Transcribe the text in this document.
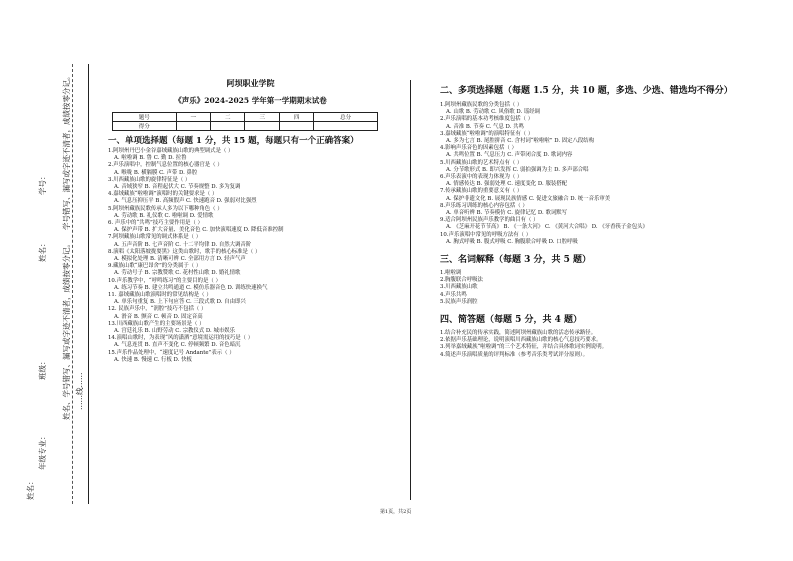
学号：
姓名：
班级：
年级专业：
学号错写、漏写或字迹不清者，成绩按零分记。
姓名、学号错写、漏写或字迹不清者，成绩按零分记。 ……线……
姓名：
阿坝职业学院
《声乐》2024-2025 学年第一学期期末试卷
题号	一	二	三	四	总分
得分					
一、单项选择题（每题 1 分，共 15 题，每题只有一个正确答案）
1.阿坝州丹巴小金谷嘉绒藏族山歌的典型调式是（ ）
A. 啦啦调 B. 鲁 C. 勤 D. 拉鲁
2.声乐演唱中，控制气息位置的核心器官是（ ）
A. 喉咙 B. 横膈膜 C. 声带 D. 鼻腔
3.川西藏族山歌的旋律特征是（ ）
A. 音域狭窄 B. 音程起伏大 C. 节奏规整 D. 多为复调
4.嘉绒藏族“啦啦调”演唱时的关键要求是（ ）
A. 气息压抑压平 B. 高频假声 C. 快速跑音 D. 强弱对比强烈
5.阿坝州藏族民歌传承人多为以下哪种角色（ ）
A. 劳动歌 B. 礼仪歌 C. 啦啦调 D. 爱情歌
6. 声乐中的“共鸣”技巧主要作用是（ ）
A. 保护声带 B. 扩大音量、美化音色 C. 加快演唱速度 D. 降低音准控制
7.阿坝藏族山歌常见的调式体系是（ ）
A. 五声音阶 B. 七声音阶 C. 十二平均律 D. 自然大调音阶
8.演唱《太阳落坡拢耍黑》这类山歌时，歌手的核心标准是（ ）
A. 模拟化处理 B. 清晰可辨 C. 全部用方言 D. 轻声气声
9.藏族山歌“康巴昂舍”的分类属于（ ）
A. 劳动号子 B. 宗教赞歌 C. 花村性山歌 D. 婚礼情歌
10.声乐教学中，“呼鸣练习”的主要目的是（ ）
A. 练习节奏 B. 建立共鸣通道 C. 模仿乐器音色 D. 训练快速换气
11. 嘉绒藏族山歌演唱时的常见结构是（ ）
A. 单乐句重复 B. 上下句应答 C. 三段式歌 D. 自由即兴
12. 民族声乐中，“润腔”技巧不包括（ ）
A. 滑音 B. 颤音 C. 顿音 D. 固定音高
13.川西藏族山歌产生的主要场景是（ ）
A. 宫廷礼乐 B. 山野劳动 C. 宗教仪式 D. 城市娱乐
14.演唱山歌时，为表现“风的潇洒”意境需运用的技巧是（ ）
A. 气息连贯 B. 直声不变化 C. 停顿频繁 D. 音色暗沉
15.声乐作品处理中，“速度记号 Andante”表示（ ）
A. 快速 B. 慢速 C. 行板 D. 快板
二、多项选择题（每题 1.5 分，共 10 题，多选、少选、错选均不得分）
1.阿坝州藏族民歌的分类包括（ ）
A. 山歌 B. 劳动歌 C. 风俗歌 D. 谣经调
2.声乐演唱的基本功考核维度包括（ ）
A. 音准 B. 节奏 C. 气息 D. 共鸣
3.嘉绒藏族“啦啦调”的演唱特征有（ ）
A. 多为七言 B. 尾腔拼音 C. 含衬词“啦啦啦” D. 固定八段结构
4.影响声乐音色的因素包括（ ）
A. 共鸣位置 B. 气息压力 C. 声带闭合度 D. 歌词内容
5.川西藏族山歌的艺术特点有（ ）
A. 分节歌形式 B. 即兴发挥 C. 弱拍强调为主 D. 多声部合唱
6.声乐表演中的表现力体现为（ ）
A. 情感传达 B. 强弱处理 C. 速度变化 D. 服装搭配
7.传承藏族山歌的重要意义有（ ）
A. 保护非遗文化 B. 展现民族情感 C. 促进文旅融合 D. 统一音乐审美
8.声乐练习训练的核心内容包括（ ）
A. 单音听辨 B. 节奏模仿 C. 旋律记忆 D. 歌词默写
9.适合阿坝州民族声乐教学的曲目有（ ）
A. 《芝麻开花节节高》 B. 《一条大河》 C. 《黄河大合唱》 D. 《牙香筷子金包头》
10.声乐演唱中常见的呼吸方法有（ ）
A. 胸式呼吸 B. 腹式呼吸 C. 胸腹联合呼吸 D. 口腔呼吸
三、名词解释（每题 3 分，共 5 题）
1.啦啦调
2.胸腹联合呼吸法
3.川西藏族山歌
4.声乐共鸣
5.民族声乐润腔
四、简答题（每题 5 分，共 4 题）
1.结合补充民的传承实践，简述阿坝州藏族山歌的活态传承路径。
2.依据声乐基础理论，说明演唱川西藏族山歌的核心气息技巧要求。
3.列举嘉绒藏族“啦啦调”的三个艺术特征，并结合具体歌词实例说明。
4.简述声乐演唱质量的评判标准（参考音乐类考试评分原则）。
第1页，共2页
